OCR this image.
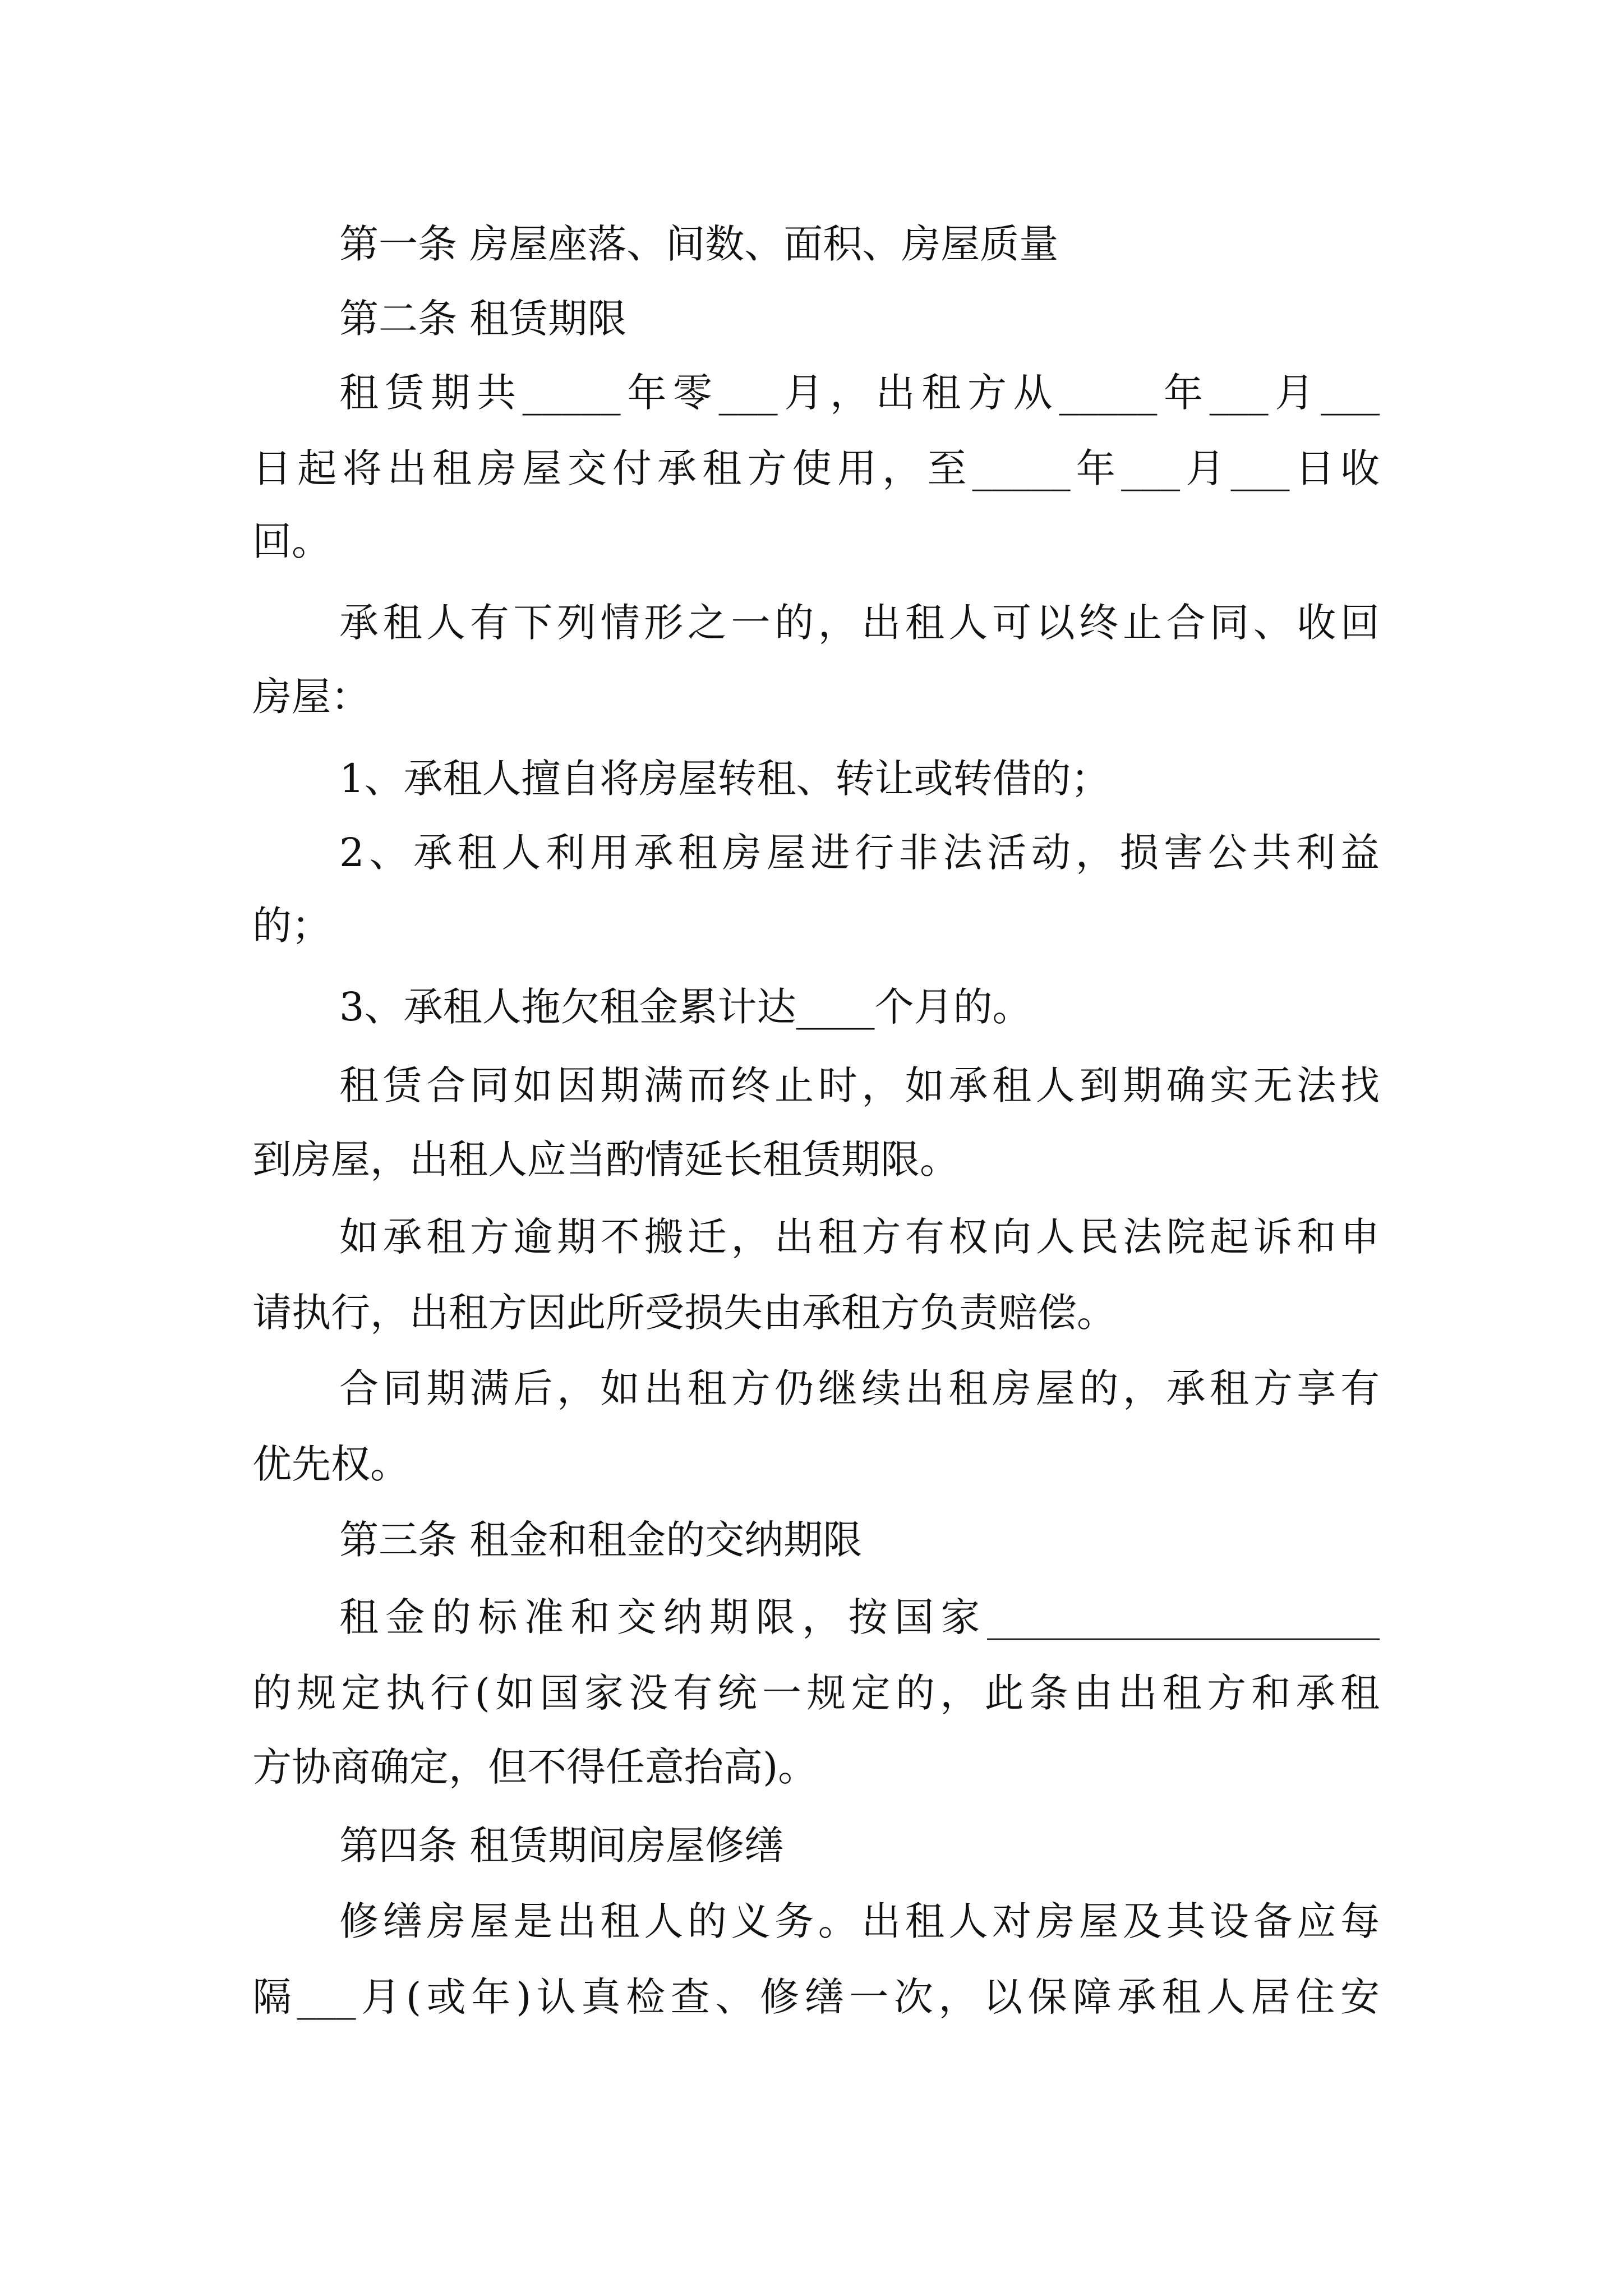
第一条 房屋座落、间数、面积、房屋质量
第二条 租赁期限
租赁期共_____年零___月，出租方从_____年___月___
日起将出租房屋交付承租方使用，至_____年___月___日收
回。
承租人有下列情形之一的，出租人可以终止合同、收回
房屋：
1、承租人擅自将房屋转租、转让或转借的；
2、承租人利用承租房屋进行非法活动，损害公共利益
的；
3、承租人拖欠租金累计达____个月的。
租赁合同如因期满而终止时，如承租人到期确实无法找
到房屋，出租人应当酌情延长租赁期限。
如承租方逾期不搬迁，出租方有权向人民法院起诉和申
请执行，出租方因此所受损失由承租方负责赔偿。
合同期满后，如出租方仍继续出租房屋的，承租方享有
优先权。
第三条 租金和租金的交纳期限
租金的标准和交纳期限，按国家____________________
的规定执行(如国家没有统一规定的，此条由出租方和承租
方协商确定，但不得任意抬高)。
第四条 租赁期间房屋修缮
修缮房屋是出租人的义务。出租人对房屋及其设备应每
隔___月(或年)认真检查、修缮一次，以保障承租人居住安
